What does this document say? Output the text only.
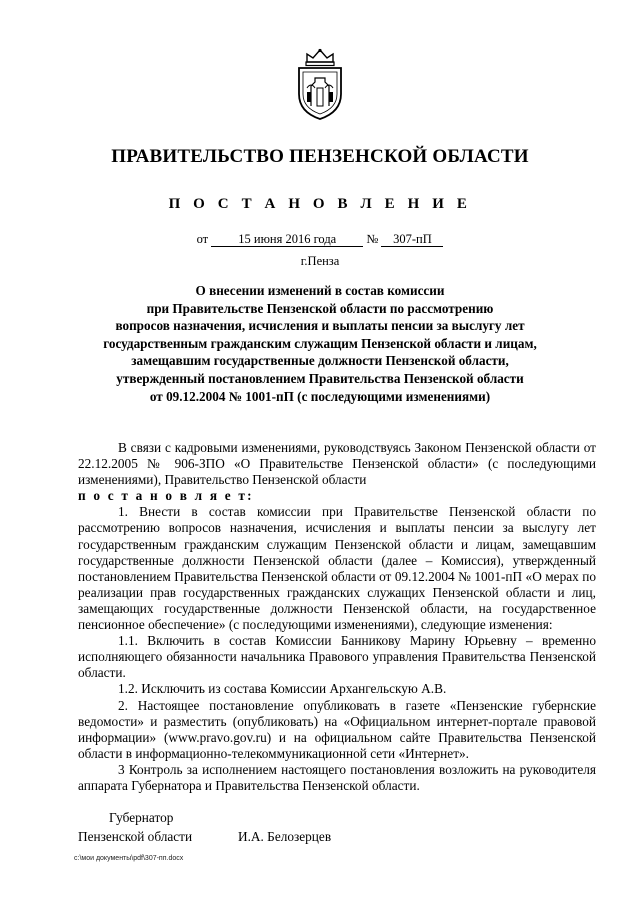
ПРАВИТЕЛЬСТВО ПЕНЗЕНСКОЙ ОБЛАСТИ
П О С Т А Н О В Л Е Н И Е
от 15 июня 2016 года № 307-пП
г.Пенза
О внесении изменений в состав комиссии
при Правительстве Пензенской области по рассмотрению
вопросов назначения, исчисления и выплаты пенсии за выслугу лет
государственным гражданским служащим Пензенской области и лицам,
замещавшим государственные должности Пензенской области,
утвержденный постановлением Правительства Пензенской области
от 09.12.2004 № 1001-пП (с последующими изменениями)

В связи с кадровыми изменениями, руководствуясь Законом Пензенской области от 22.12.2005 № 906-ЗПО «О Правительстве Пензенской области» (с последующими изменениями), Правительство Пензенской области

п о с т а н о в л я е т:

1. Внести в состав комиссии при Правительстве Пензенской области по рассмотрению вопросов назначения, исчисления и выплаты пенсии за выслугу лет государственным гражданским служащим Пензенской области и лицам, замещавшим государственные должности Пензенской области (далее – Комиссия), утвержденный постановлением Правительства Пензенской области от 09.12.2004 № 1001-пП «О мерах по реализации прав государственных гражданских служащих Пензенской области и лиц, замещающих государственные должности Пензенской области, на государственное пенсионное обеспечение» (с последующими изменениями), следующие изменения:

1.1. Включить в состав Комиссии Банникову Марину Юрьевну – временно исполняющего обязанности начальника Правового управления Правительства Пензенской области.

1.2. Исключить из состава Комиссии Архангельскую А.В.

2. Настоящее постановление опубликовать в газете «Пензенские губернские ведомости» и разместить (опубликовать) на «Официальном интернет-портале правовой информации» (www.pravo.gov.ru) и на официальном сайте Правительства Пензенской области в информационно-телекоммуникационной сети «Интернет».

3 Контроль за исполнением настоящего постановления возложить на руководителя аппарата Губернатора и Правительства Пензенской области.

Губернатор
Пензенской области	И.А. Белозерцев
c:\мои документы\pdf\307-пп.docx
